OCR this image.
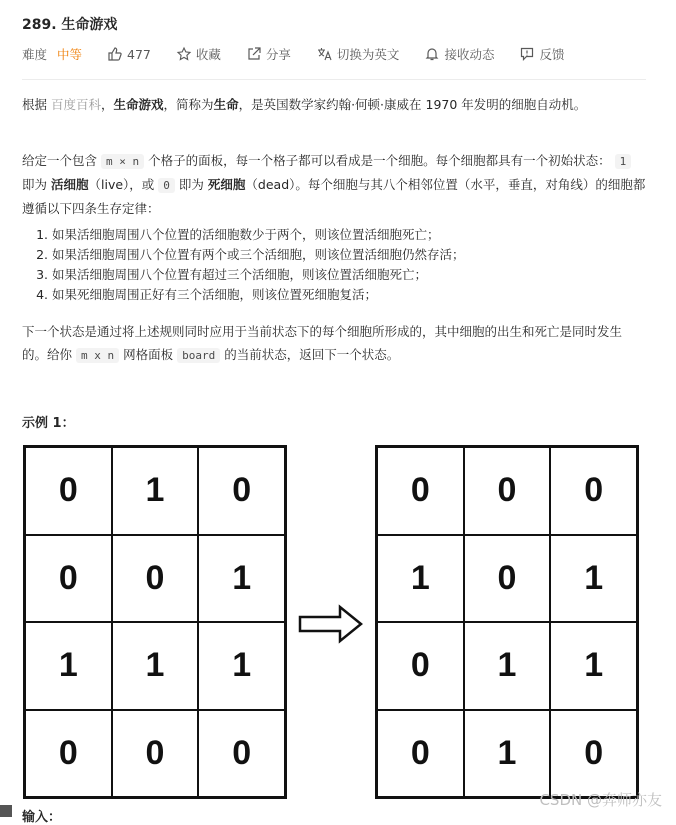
289. 生命游戏
难度 中等	477	收藏	分享	切换为英文	接收动态	反馈

根据 百度百科，生命游戏，简称为生命，是英国数学家约翰·何顿·康威在 1970 年发明的细胞自动机。

给定一个包含 m × n 个格子的面板，每一个格子都可以看成是一个细胞。每个细胞都具有一个初始状态： 1 即为 活细胞（live），或 0 即为 死细胞（dead）。每个细胞与其八个相邻位置（水平，垂直，对角线）的细胞都遵循以下四条生存定律：

1. 如果活细胞周围八个位置的活细胞数少于两个，则该位置活细胞死亡；
2. 如果活细胞周围八个位置有两个或三个活细胞，则该位置活细胞仍然存活；
3. 如果活细胞周围八个位置有超过三个活细胞，则该位置活细胞死亡；
4. 如果死细胞周围正好有三个活细胞，则该位置死细胞复活；

下一个状态是通过将上述规则同时应用于当前状态下的每个细胞所形成的，其中细胞的出生和死亡是同时发生的。给你 m x n 网格面板 board 的当前状态，返回下一个状态。

示例 1：
0	1	0
0	0	1
1	1	1
0	0	0
0	0	0
1	0	1
0	1	1
0	1	0
CSDN @奔师亦友
输入：
